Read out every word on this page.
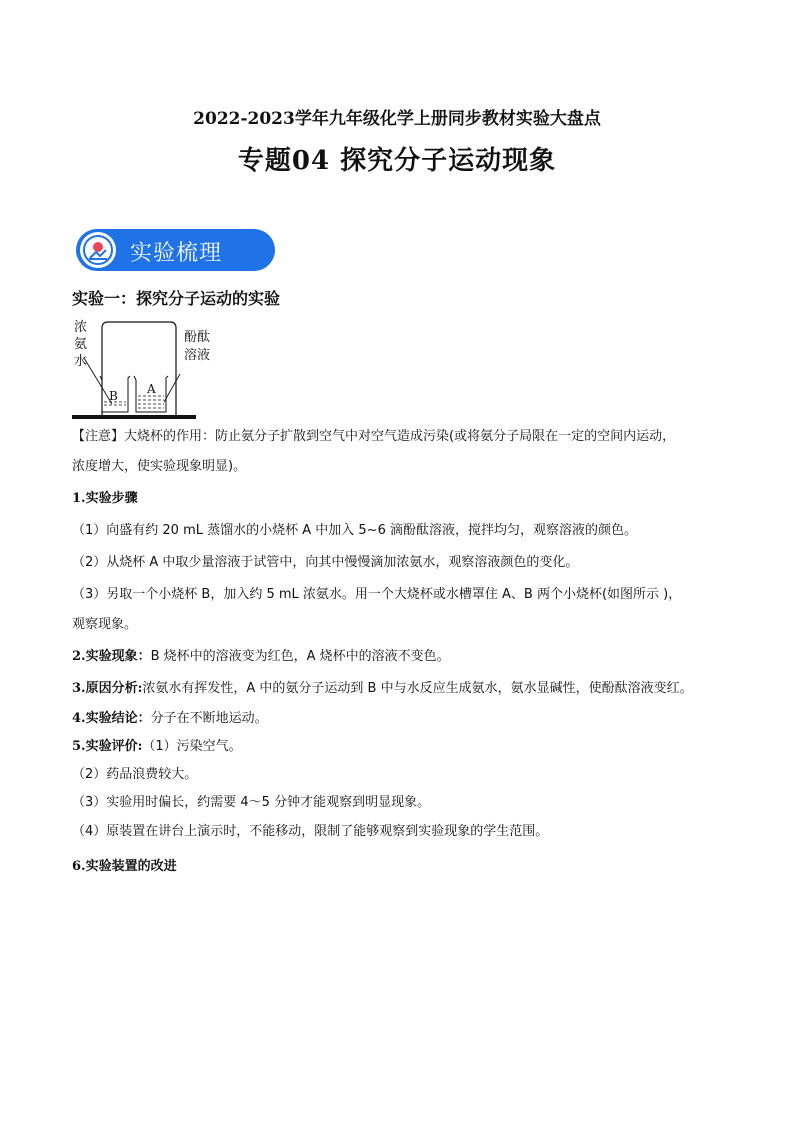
2022-2023学年九年级化学上册同步教材实验大盘点
专题04 探究分子运动现象
实验梳理
实验一：探究分子运动的实验
浓
氨
水
酚酞
溶液
B A
【注意】大烧杯的作用：防止氨分子扩散到空气中对空气造成污染(或将氨分子局限在一定的空间内运动，
浓度增大，使实验现象明显)。
1.实验步骤
（1）向盛有约 20 mL 蒸馏水的小烧杯 A 中加入 5~6 滴酚酞溶液，搅拌均匀，观察溶液的颜色。
（2）从烧杯 A 中取少量溶液于试管中，向其中慢慢滴加浓氨水，观察溶液颜色的变化。
（3）另取一个小烧杯 B，加入约 5 mL 浓氨水。用一个大烧杯或水槽罩住 A、B 两个小烧杯(如图所示 )，
观察现象。
2.实验现象：B 烧杯中的溶液变为红色，A 烧杯中的溶液不变色。
3.原因分析:浓氨水有挥发性，A 中的氨分子运动到 B 中与水反应生成氨水，氨水显碱性，使酚酞溶液变红。
4.实验结论：分子在不断地运动。
5.实验评价:（1）污染空气。
（2）药品浪费较大。
（3）实验用时偏长，约需要 4～5 分钟才能观察到明显现象。
（4）原装置在讲台上演示时，不能移动，限制了能够观察到实验现象的学生范围。
6.实验装置的改进
